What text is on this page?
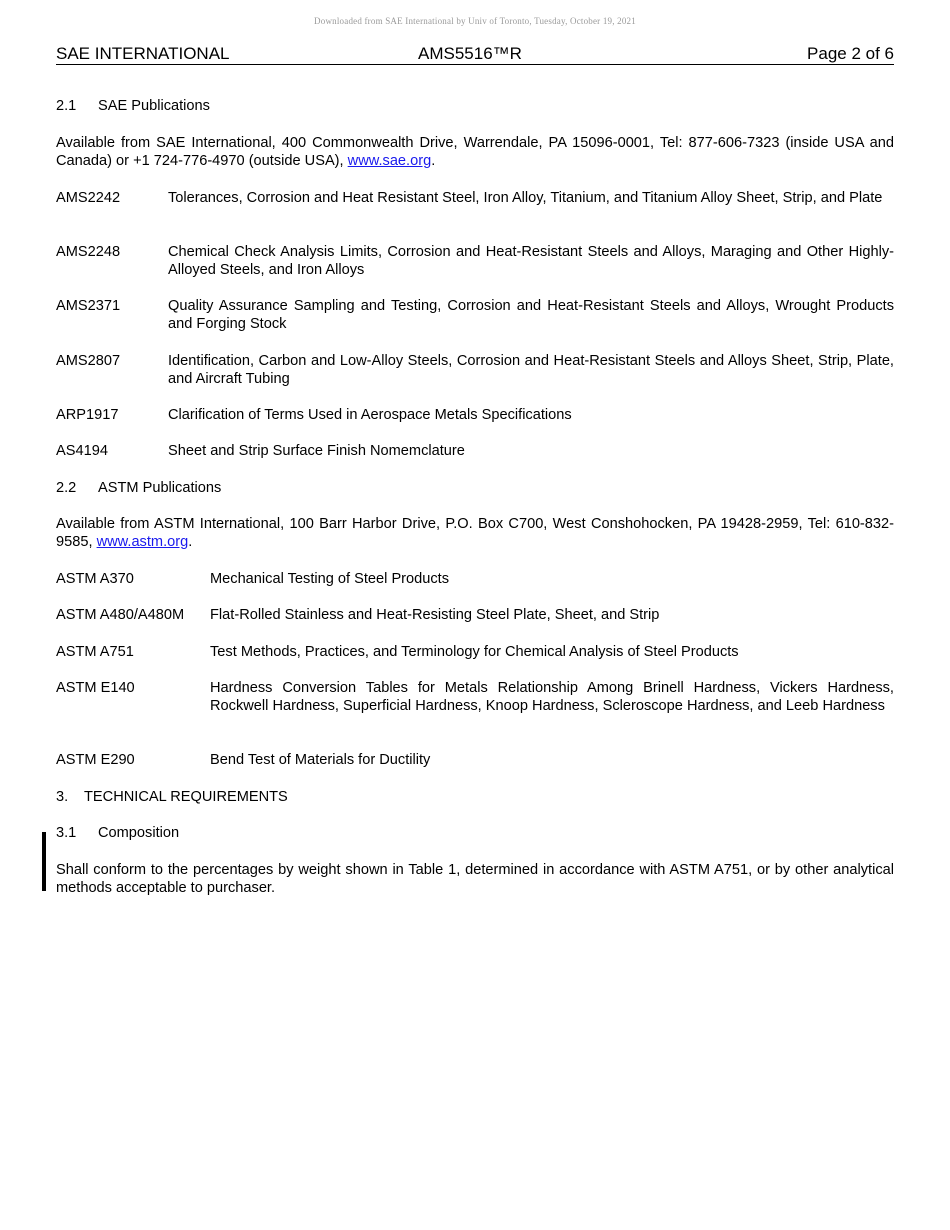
Downloaded from SAE International by Univ of Toronto, Tuesday, October 19, 2021
SAE INTERNATIONAL	AMS5516™R	Page 2 of 6
2.1 SAE Publications
Available from SAE International, 400 Commonwealth Drive, Warrendale, PA 15096-0001, Tel: 877-606-7323 (inside USA and Canada) or +1 724-776-4970 (outside USA), www.sae.org.
AMS2242	Tolerances, Corrosion and Heat Resistant Steel, Iron Alloy, Titanium, and Titanium Alloy Sheet, Strip, and Plate
AMS2248	Chemical Check Analysis Limits, Corrosion and Heat-Resistant Steels and Alloys, Maraging and Other Highly-Alloyed Steels, and Iron Alloys
AMS2371	Quality Assurance Sampling and Testing, Corrosion and Heat-Resistant Steels and Alloys, Wrought Products and Forging Stock
AMS2807	Identification, Carbon and Low-Alloy Steels, Corrosion and Heat-Resistant Steels and Alloys Sheet, Strip, Plate, and Aircraft Tubing
ARP1917	Clarification of Terms Used in Aerospace Metals Specifications
AS4194	Sheet and Strip Surface Finish Nomemclature
2.2 ASTM Publications
Available from ASTM International, 100 Barr Harbor Drive, P.O. Box C700, West Conshohocken, PA 19428-2959, Tel: 610-832-9585, www.astm.org.
ASTM A370	Mechanical Testing of Steel Products
ASTM A480/A480M Flat-Rolled Stainless and Heat-Resisting Steel Plate, Sheet, and Strip
ASTM A751	Test Methods, Practices, and Terminology for Chemical Analysis of Steel Products
ASTM E140	Hardness Conversion Tables for Metals Relationship Among Brinell Hardness, Vickers Hardness, Rockwell Hardness, Superficial Hardness, Knoop Hardness, Scleroscope Hardness, and Leeb Hardness
ASTM E290	Bend Test of Materials for Ductility
3. TECHNICAL REQUIREMENTS
3.1 Composition
Shall conform to the percentages by weight shown in Table 1, determined in accordance with ASTM A751, or by other analytical methods acceptable to purchaser.
